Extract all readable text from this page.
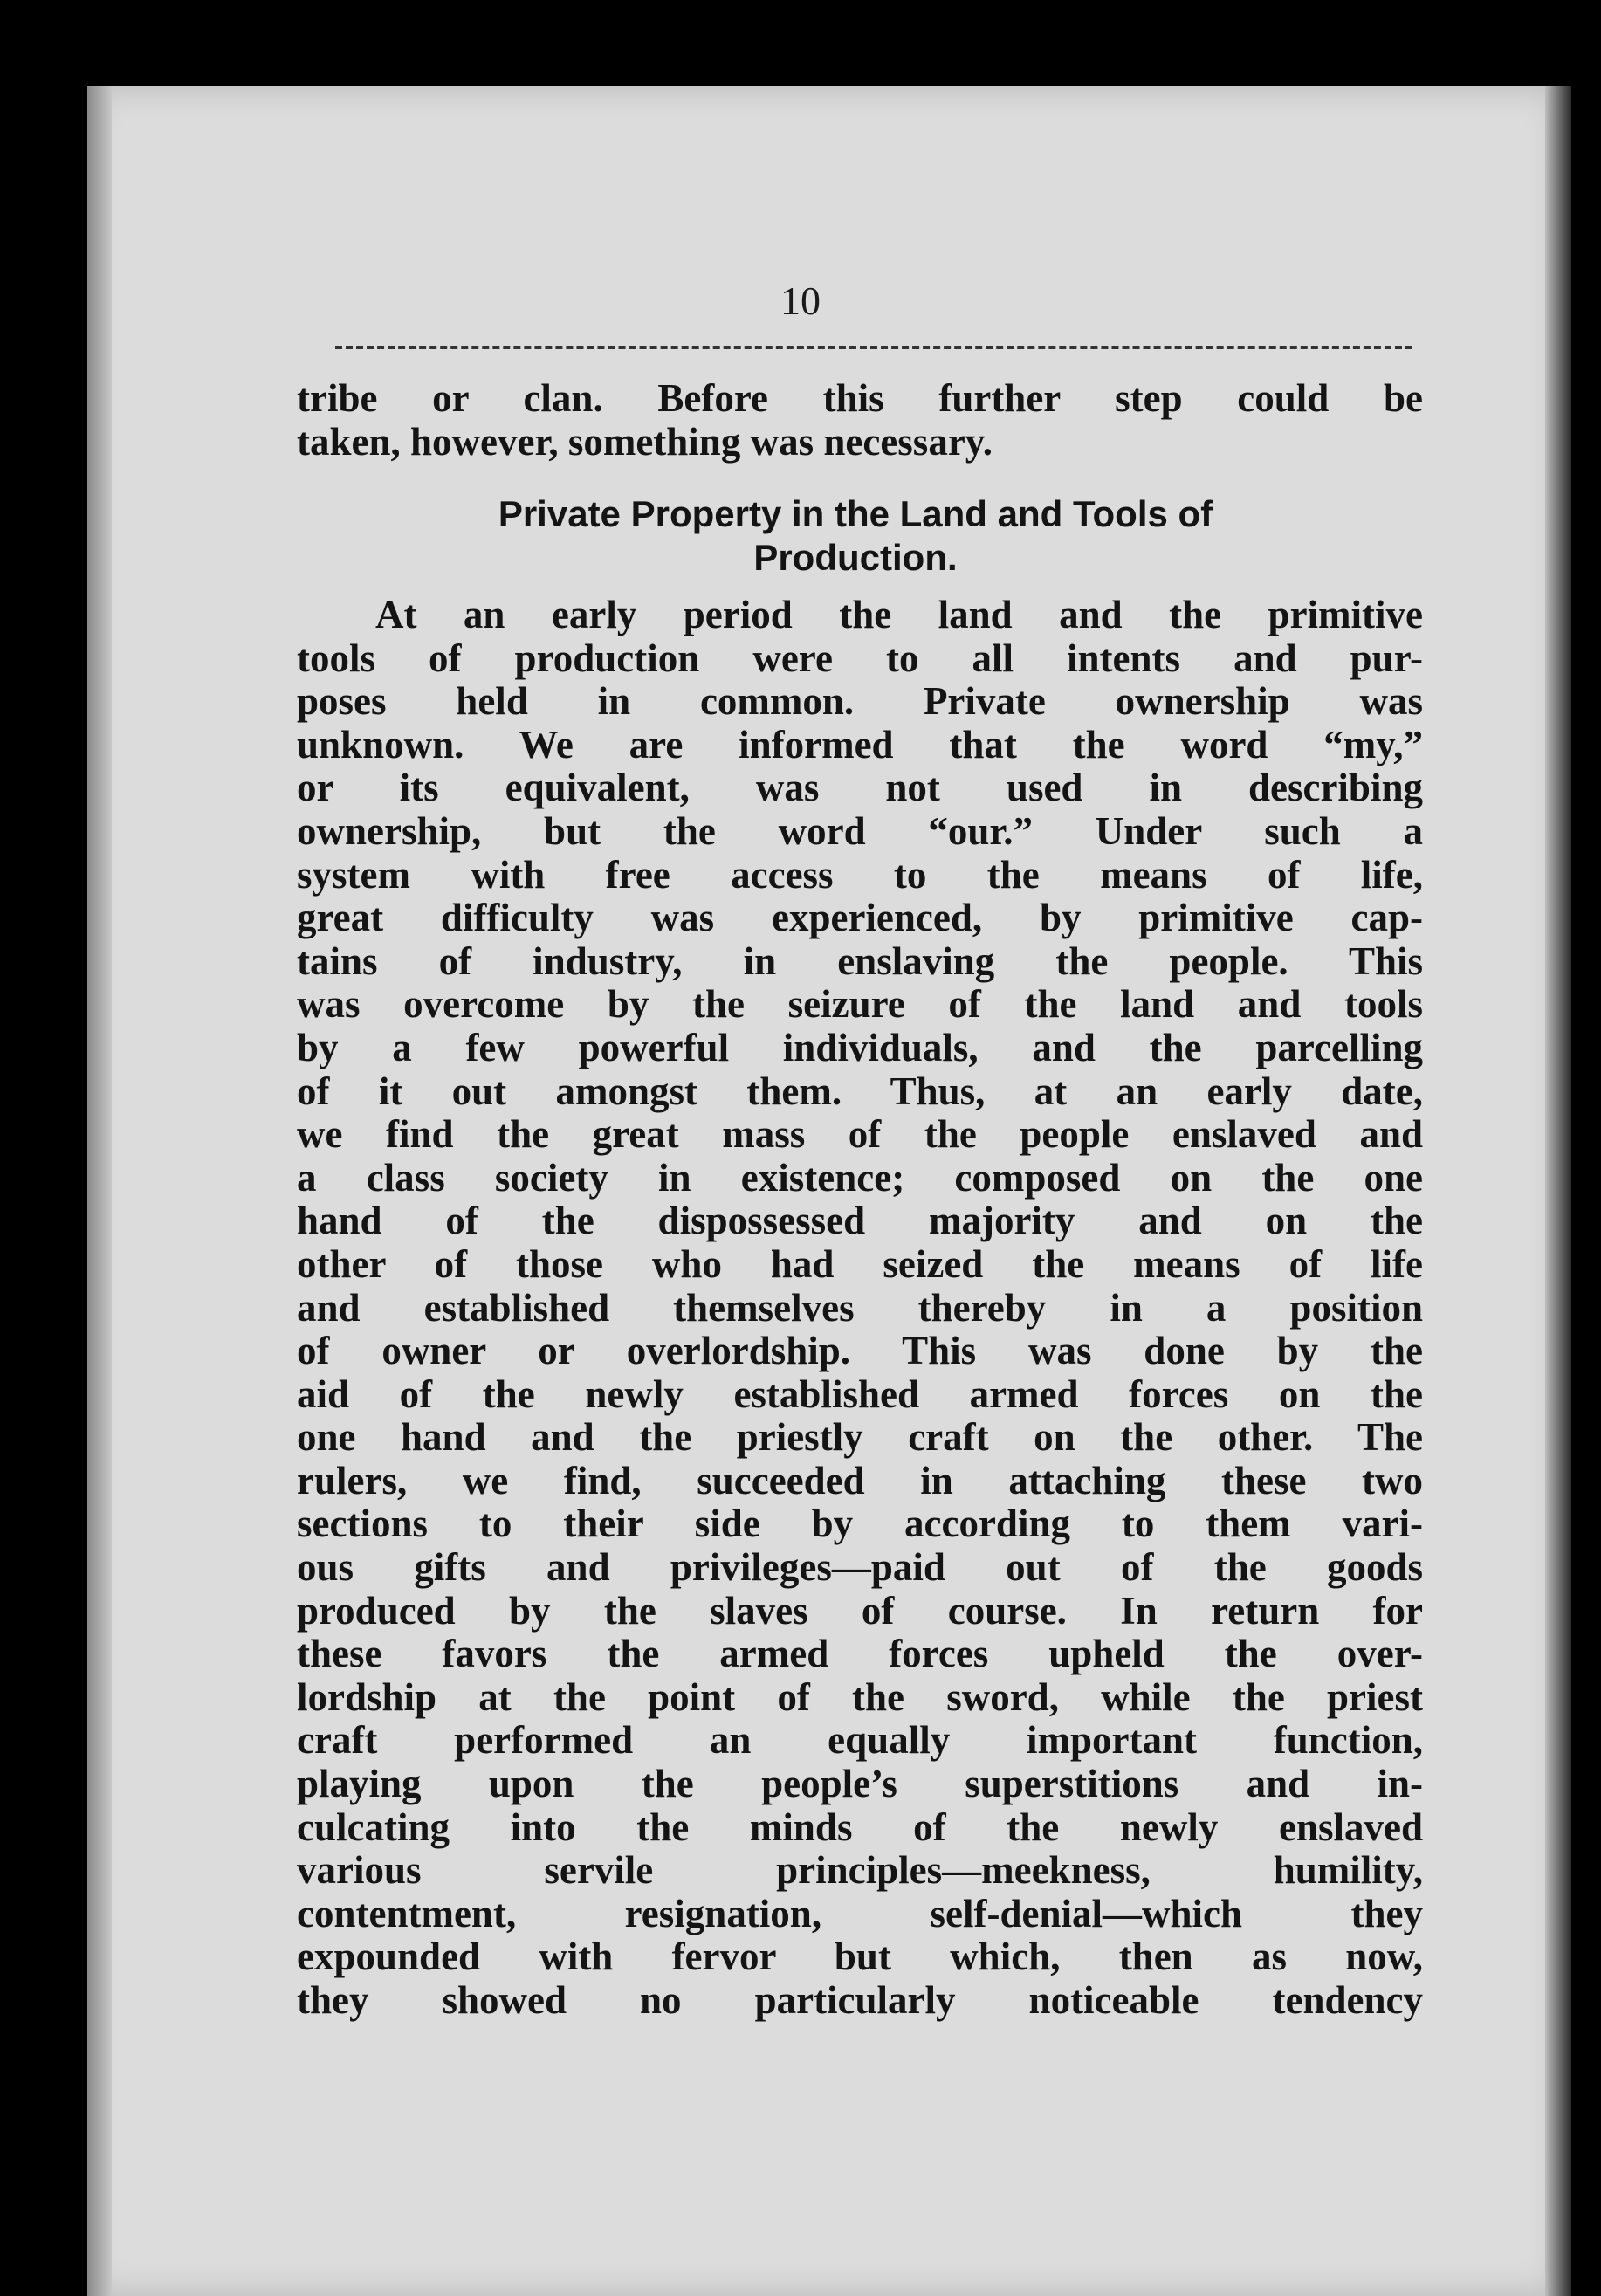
10
tribe or clan. Before this further step could be
taken, however, something was necessary.
Private Property in the Land and Tools of
Production.
At an early period the land and the primitive
tools of production were to all intents and pur-
poses held in common. Private ownership was
unknown. We are informed that the word “my,”
or its equivalent, was not used in describing
ownership, but the word “our.” Under such a
system with free access to the means of life,
great difficulty was experienced, by primitive cap-
tains of industry, in enslaving the people. This
was overcome by the seizure of the land and tools
by a few powerful individuals, and the parcelling
of it out amongst them. Thus, at an early date,
we find the great mass of the people enslaved and
a class society in existence; composed on the one
hand of the dispossessed majority and on the
other of those who had seized the means of life
and established themselves thereby in a position
of owner or overlordship. This was done by the
aid of the newly established armed forces on the
one hand and the priestly craft on the other. The
rulers, we find, succeeded in attaching these two
sections to their side by according to them vari-
ous gifts and privileges—paid out of the goods
produced by the slaves of course. In return for
these favors the armed forces upheld the over-
lordship at the point of the sword, while the priest
craft performed an equally important function,
playing upon the people’s superstitions and in-
culcating into the minds of the newly enslaved
various servile principles—meekness, humility,
contentment, resignation, self-denial—which they
expounded with fervor but which, then as now,
they showed no particularly noticeable tendency
